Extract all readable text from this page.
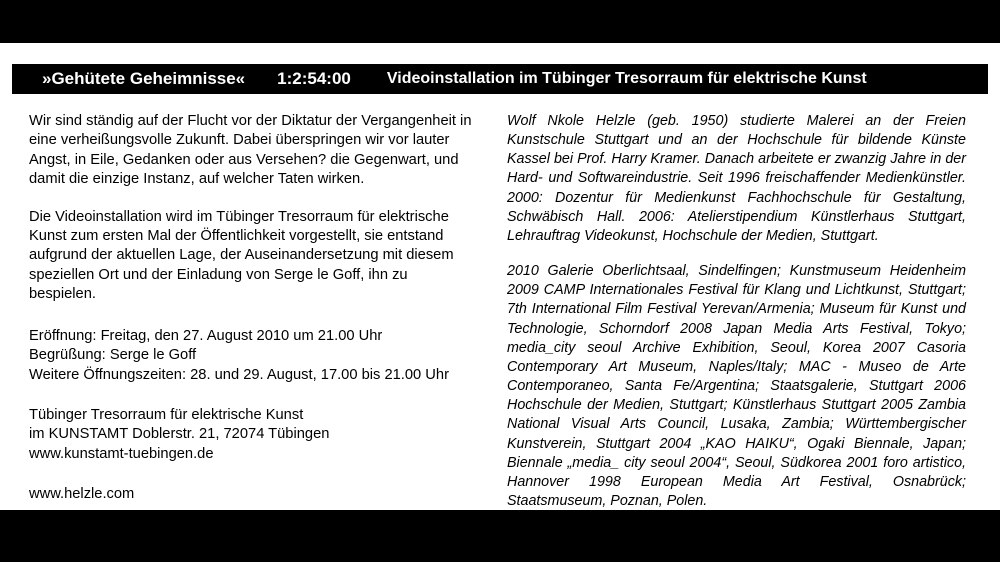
»Gehütete Geheimnisse« 1:2:54:00 Videoinstallation im Tübinger Tresorraum für elektrische Kunst

Wir sind ständig auf der Flucht vor der Diktatur der Vergangenheit in eine verheißungsvolle Zukunft. Dabei überspringen wir vor lauter Angst, in Eile, Gedanken oder aus Versehen? die Gegenwart, und damit die einzige Instanz, auf welcher Taten wirken.

Die Videoinstallation wird im Tübinger Tresorraum für elektrische Kunst zum ersten Mal der Öffentlichkeit vorgestellt, sie entstand aufgrund der aktuellen Lage, der Auseinandersetzung mit diesem speziellen Ort und der Einladung von Serge le Goff, ihn zu bespielen.

Eröffnung: Freitag, den 27. August 2010 um 21.00 Uhr
Begrüßung: Serge le Goff
Weitere Öffnungszeiten: 28. und 29. August, 17.00 bis 21.00 Uhr
Tübinger Tresorraum für elektrische Kunst
im KUNSTAMT Doblerstr. 21, 72074 Tübingen
www.kunstamt-tuebingen.de
www.helzle.com

Wolf Nkole Helzle (geb. 1950) studierte Malerei an der Freien Kunstschule Stuttgart und an der Hochschule für bildende Künste Kassel bei Prof. Harry Kramer. Danach arbeitete er zwanzig Jahre in der Hard- und Softwareindustrie. Seit 1996 freischaffender Medienkünstler. 2000: Dozentur für Medienkunst Fachhochschule für Gestaltung, Schwäbisch Hall. 2006: Atelierstipendium Künstlerhaus Stuttgart, Lehrauftrag Videokunst, Hochschule der Medien, Stuttgart.

2010 Galerie Oberlichtsaal, Sindelfingen; Kunstmuseum Heidenheim 2009 CAMP Internationales Festival für Klang und Lichtkunst, Stuttgart; 7th International Film Festival Yerevan/Armenia; Museum für Kunst und Technologie, Schorndorf 2008 Japan Media Arts Festival, Tokyo; media_city seoul Archive Exhibition, Seoul, Korea 2007 Casoria Contemporary Art Museum, Naples/Italy; MAC - Museo de Arte Contemporaneo, Santa Fe/Argentina; Staatsgalerie, Stuttgart 2006 Hochschule der Medien, Stuttgart; Künstlerhaus Stuttgart 2005 Zambia National Visual Arts Council, Lusaka, Zambia; Württembergischer Kunstverein, Stuttgart 2004 „KAO HAIKU“, Ogaki Biennale, Japan; Biennale „media_ city seoul 2004“, Seoul, Südkorea 2001 foro artistico, Hannover 1998 European Media Art Festival, Osnabrück; Staatsmuseum, Poznan, Polen.
